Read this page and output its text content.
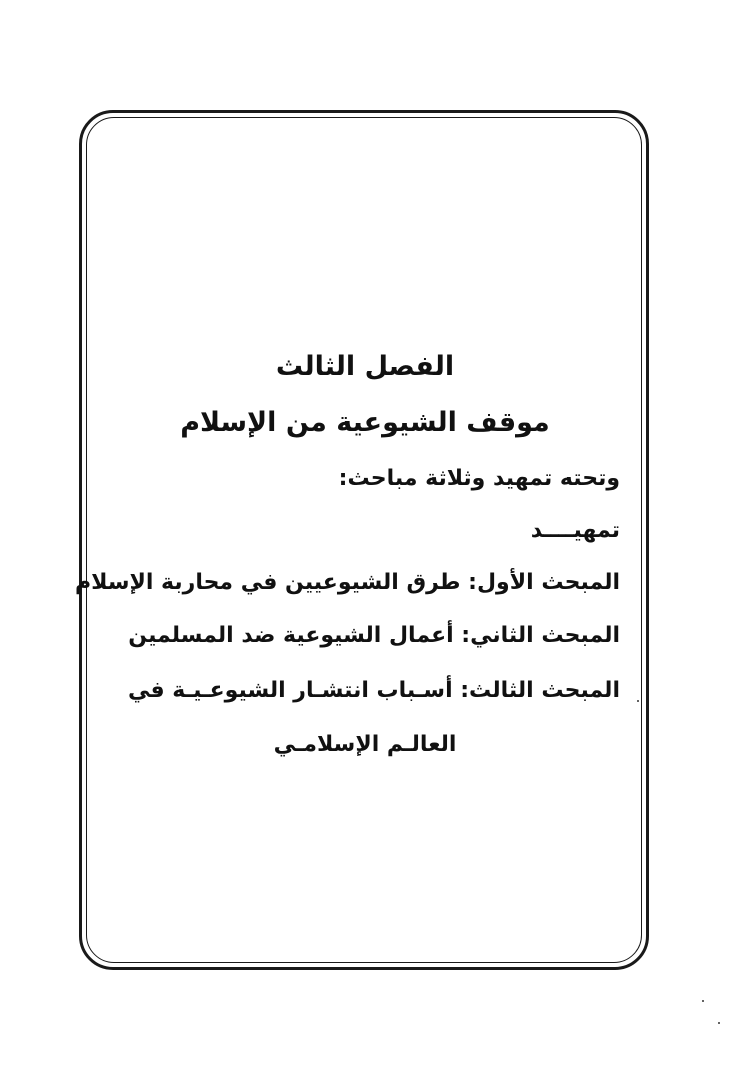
الفصل الثالث
موقف الشيوعية من الإسلام
وتحته تمهيد وثلاثة مباحث:
تمهيــــد
المبحث الأول: طرق الشيوعيين في محاربة الإسلام
المبحث الثاني: أعمال الشيوعية ضد المسلمين
المبحث الثالث: أسـباب انتشـار الشيوعـيـة في
العالـم الإسلامـي
